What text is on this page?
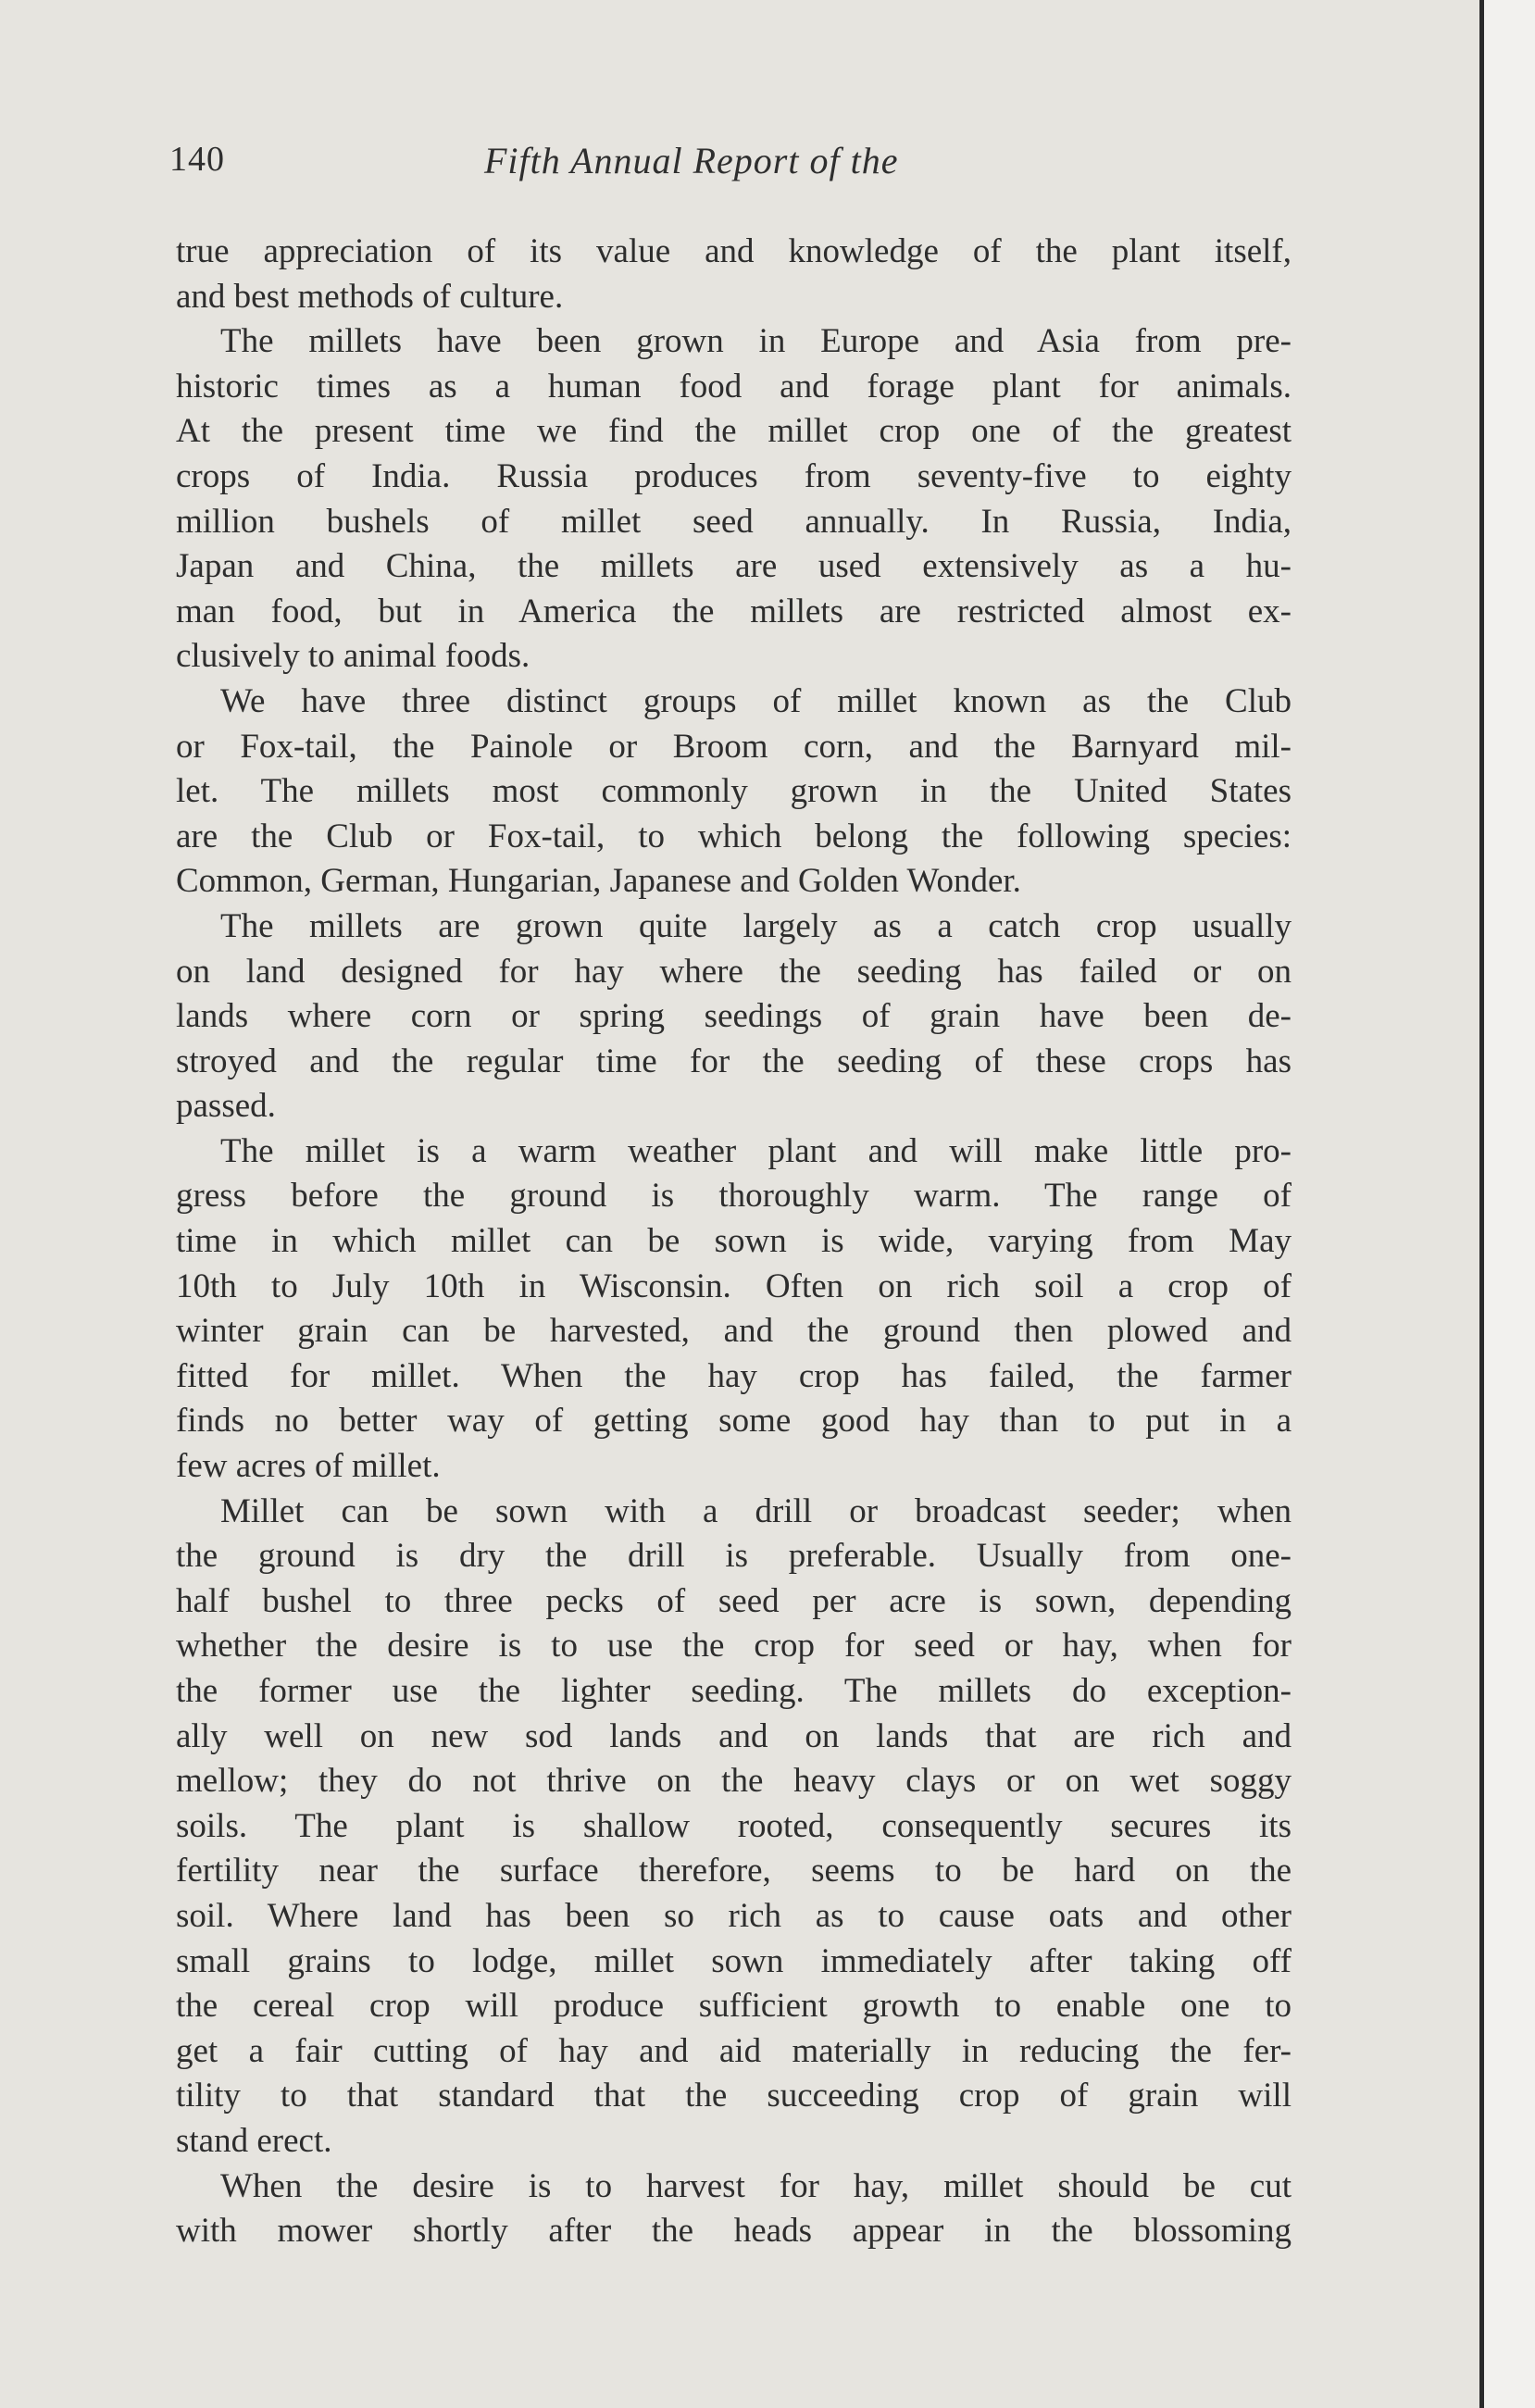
140	Fifth Annual Report of the
true appreciation of its value and knowledge of the plant itself,
and best methods of culture.
The millets have been grown in Europe and Asia from pre-
historic times as a human food and forage plant for animals.
At the present time we find the millet crop one of the greatest
crops of India. Russia produces from seventy-five to eighty
million bushels of millet seed annually. In Russia, India,
Japan and China, the millets are used extensively as a hu-
man food, but in America the millets are restricted almost ex-
clusively to animal foods.
We have three distinct groups of millet known as the Club
or Fox-tail, the Painole or Broom corn, and the Barnyard mil-
let. The millets most commonly grown in the United States
are the Club or Fox-tail, to which belong the following species:
Common, German, Hungarian, Japanese and Golden Wonder.
The millets are grown quite largely as a catch crop usually
on land designed for hay where the seeding has failed or on
lands where corn or spring seedings of grain have been de-
stroyed and the regular time for the seeding of these crops has
passed.
The millet is a warm weather plant and will make little pro-
gress before the ground is thoroughly warm. The range of
time in which millet can be sown is wide, varying from May
10th to July 10th in Wisconsin. Often on rich soil a crop of
winter grain can be harvested, and the ground then plowed and
fitted for millet. When the hay crop has failed, the farmer
finds no better way of getting some good hay than to put in a
few acres of millet.
Millet can be sown with a drill or broadcast seeder; when
the ground is dry the drill is preferable. Usually from one-
half bushel to three pecks of seed per acre is sown, depending
whether the desire is to use the crop for seed or hay, when for
the former use the lighter seeding. The millets do exception-
ally well on new sod lands and on lands that are rich and
mellow; they do not thrive on the heavy clays or on wet soggy
soils. The plant is shallow rooted, consequently secures its
fertility near the surface therefore, seems to be hard on the
soil. Where land has been so rich as to cause oats and other
small grains to lodge, millet sown immediately after taking off
the cereal crop will produce sufficient growth to enable one to
get a fair cutting of hay and aid materially in reducing the fer-
tility to that standard that the succeeding crop of grain will
stand erect.
When the desire is to harvest for hay, millet should be cut
with mower shortly after the heads appear in the blossoming
